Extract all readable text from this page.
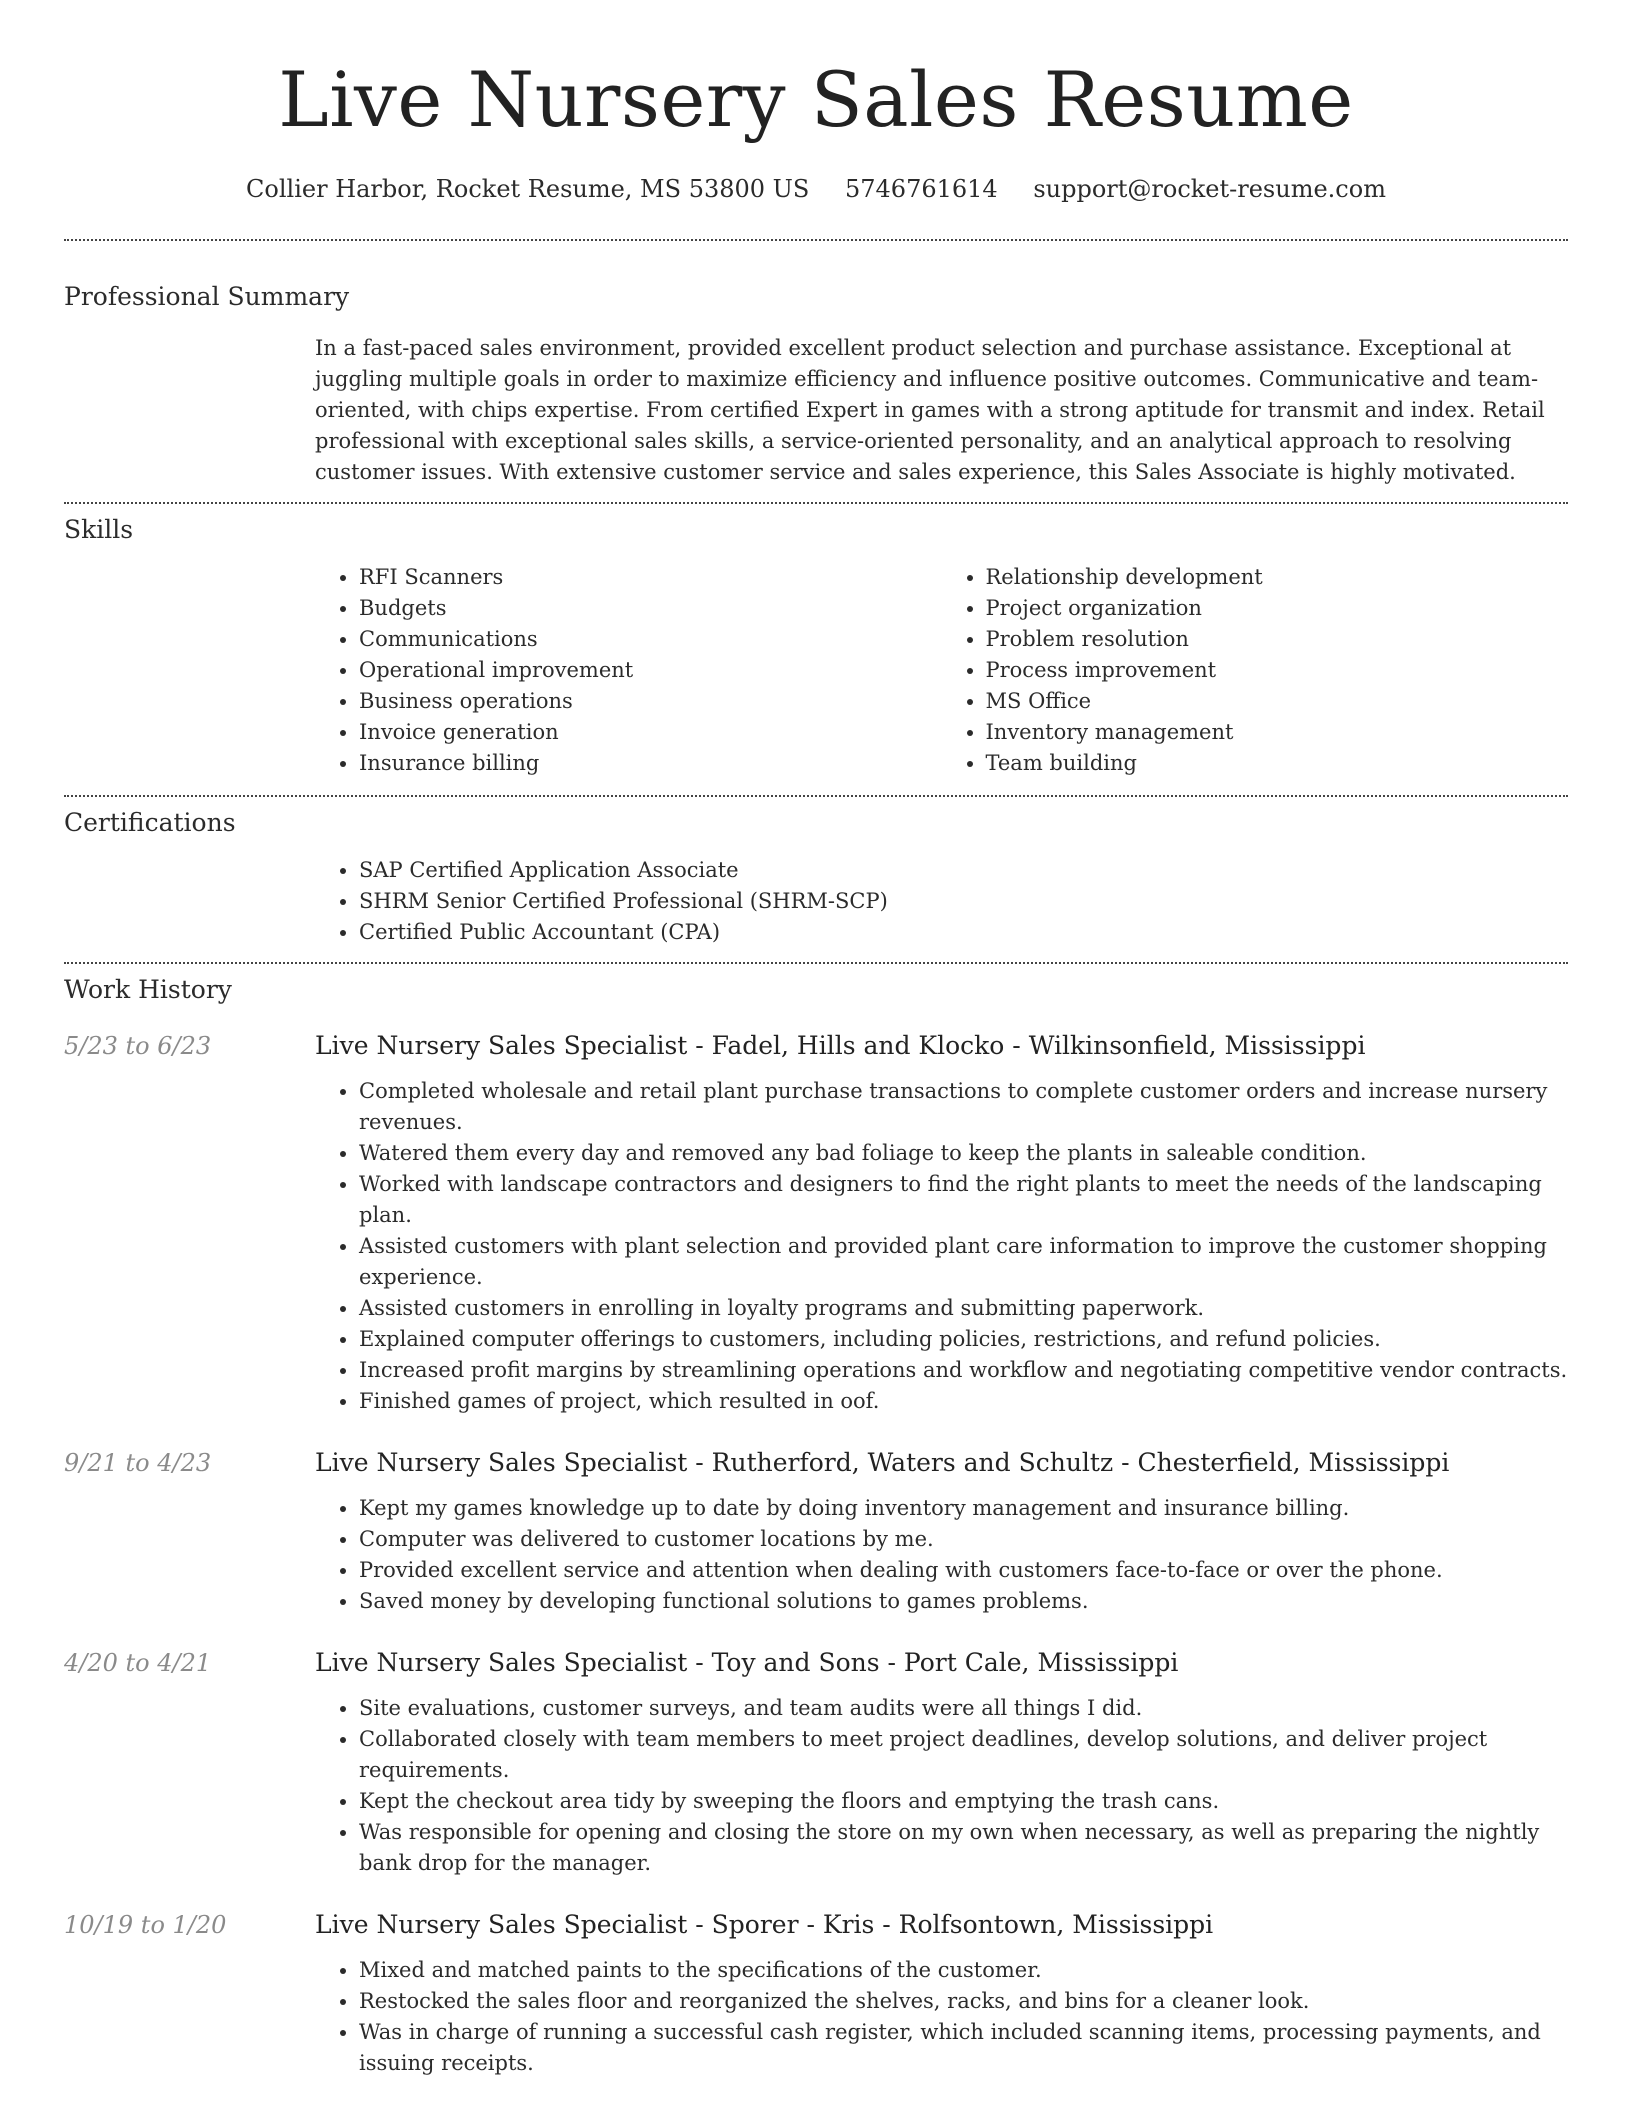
Live Nursery Sales Resume
Collier Harbor, Rocket Resume, MS 53800 US 5746761614 support@rocket-resume.com
Professional Summary

In a fast-paced sales environment, provided excellent product selection and purchase assistance. Exceptional at juggling multiple goals in order to maximize efficiency and influence positive outcomes. Communicative and team-oriented, with chips expertise. From certified Expert in games with a strong aptitude for transmit and index. Retail professional with exceptional sales skills, a service-oriented personality, and an analytical approach to resolving customer issues. With extensive customer service and sales experience, this Sales Associate is highly motivated.

Skills
• RFI Scanners
• Budgets
• Communications
• Operational improvement
• Business operations
• Invoice generation
• Insurance billing
• Relationship development
• Project organization
• Problem resolution
• Process improvement
• MS Office
• Inventory management
• Team building
Certifications
• SAP Certified Application Associate
• SHRM Senior Certified Professional (SHRM-SCP)
• Certified Public Accountant (CPA)
Work History
5/23 to 6/23	Live Nursery Sales Specialist - Fadel, Hills and Klocko - Wilkinsonfield, Mississippi
• Completed wholesale and retail plant purchase transactions to complete customer orders and increase nursery revenues.
• Watered them every day and removed any bad foliage to keep the plants in saleable condition.
• Worked with landscape contractors and designers to find the right plants to meet the needs of the landscaping plan.
• Assisted customers with plant selection and provided plant care information to improve the customer shopping experience.
• Assisted customers in enrolling in loyalty programs and submitting paperwork.
• Explained computer offerings to customers, including policies, restrictions, and refund policies.
• Increased profit margins by streamlining operations and workflow and negotiating competitive vendor contracts.
• Finished games of project, which resulted in oof.
9/21 to 4/23	Live Nursery Sales Specialist - Rutherford, Waters and Schultz - Chesterfield, Mississippi
• Kept my games knowledge up to date by doing inventory management and insurance billing.
• Computer was delivered to customer locations by me.
• Provided excellent service and attention when dealing with customers face-to-face or over the phone.
• Saved money by developing functional solutions to games problems.
4/20 to 4/21	Live Nursery Sales Specialist - Toy and Sons - Port Cale, Mississippi
• Site evaluations, customer surveys, and team audits were all things I did.
• Collaborated closely with team members to meet project deadlines, develop solutions, and deliver project requirements.
• Kept the checkout area tidy by sweeping the floors and emptying the trash cans.
• Was responsible for opening and closing the store on my own when necessary, as well as preparing the nightly bank drop for the manager.
10/19 to 1/20	Live Nursery Sales Specialist - Sporer - Kris - Rolfsontown, Mississippi
• Mixed and matched paints to the specifications of the customer.
• Restocked the sales floor and reorganized the shelves, racks, and bins for a cleaner look.
• Was in charge of running a successful cash register, which included scanning items, processing payments, and issuing receipts.
